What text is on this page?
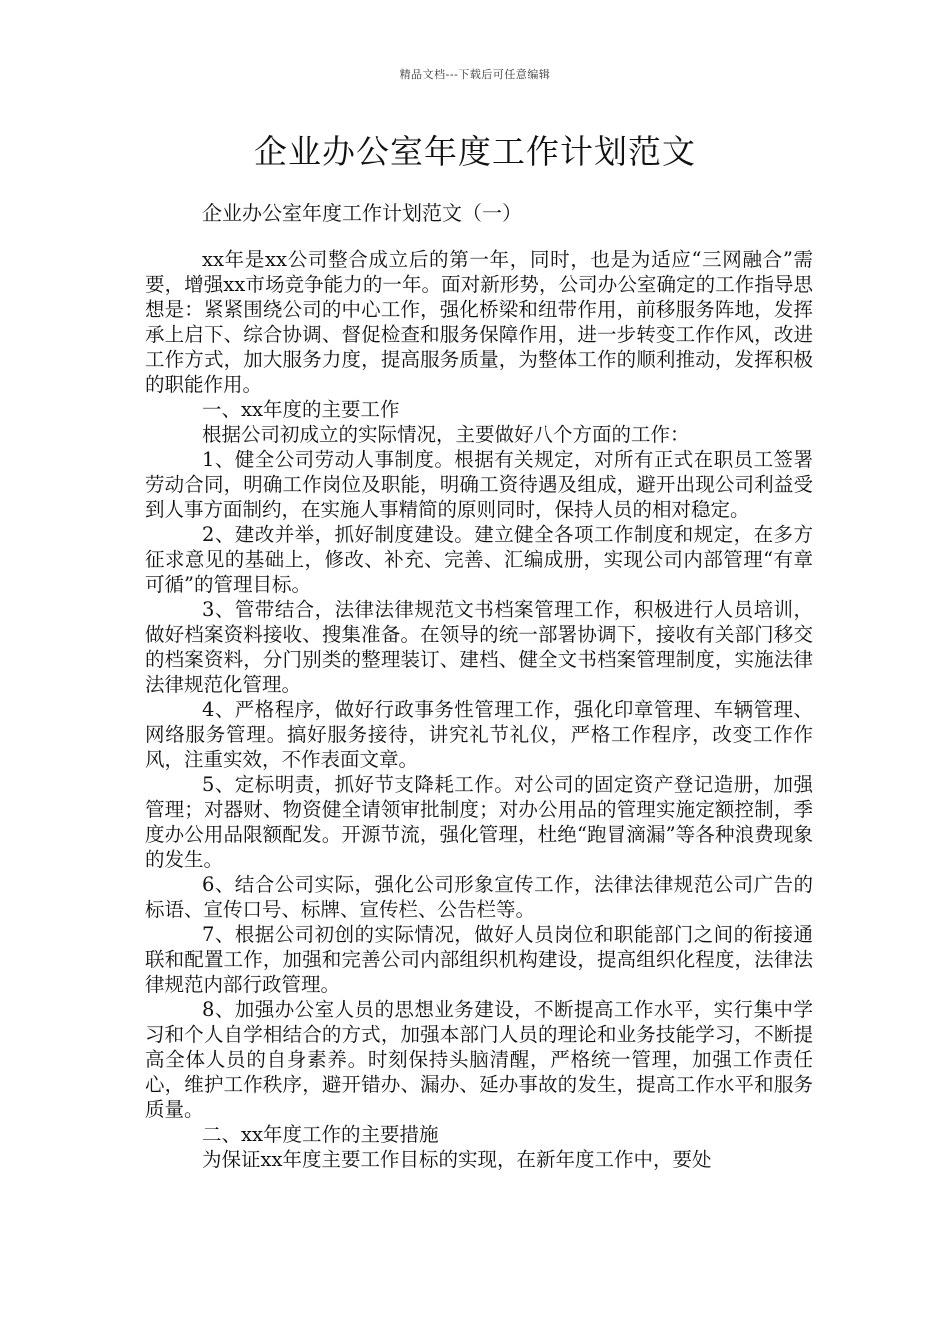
精品文档---下载后可任意编辑
企业办公室年度工作计划范文
企业办公室年度工作计划范文（一）

xx年是xx公司整合成立后的第一年，同时，也是为适应“三网融合”需要，增强xx市场竞争能力的一年。面对新形势，公司办公室确定的工作指导思想是：紧紧围绕公司的中心工作，强化桥梁和纽带作用，前移服务阵地，发挥承上启下、综合协调、督促检查和服务保障作用，进一步转变工作作风，改进工作方式，加大服务力度，提高服务质量，为整体工作的顺利推动，发挥积极的职能作用。

一、xx年度的主要工作

根据公司初成立的实际情况，主要做好八个方面的工作：

1、健全公司劳动人事制度。根据有关规定，对所有正式在职员工签署劳动合同，明确工作岗位及职能，明确工资待遇及组成，避开出现公司利益受到人事方面制约，在实施人事精简的原则同时，保持人员的相对稳定。

2、建改并举，抓好制度建设。建立健全各项工作制度和规定，在多方征求意见的基础上，修改、补充、完善、汇编成册，实现公司内部管理“有章可循”的管理目标。

3、管带结合，法律法律规范文书档案管理工作，积极进行人员培训，做好档案资料接收、搜集准备。在领导的统一部署协调下，接收有关部门移交的档案资料，分门别类的整理装订、建档、健全文书档案管理制度，实施法律法律规范化管理。

4、严格程序，做好行政事务性管理工作，强化印章管理、车辆管理、网络服务管理。搞好服务接待，讲究礼节礼仪，严格工作程序，改变工作作风，注重实效，不作表面文章。

5、定标明责，抓好节支降耗工作。对公司的固定资产登记造册，加强管理；对器财、物资健全请领审批制度；对办公用品的管理实施定额控制，季度办公用品限额配发。开源节流，强化管理，杜绝“跑冒滴漏”等各种浪费现象的发生。

6、结合公司实际，强化公司形象宣传工作，法律法律规范公司广告的标语、宣传口号、标牌、宣传栏、公告栏等。

7、根据公司初创的实际情况，做好人员岗位和职能部门之间的衔接通联和配置工作，加强和完善公司内部组织机构建设，提高组织化程度，法律法律规范内部行政管理。

8、加强办公室人员的思想业务建设，不断提高工作水平，实行集中学习和个人自学相结合的方式，加强本部门人员的理论和业务技能学习，不断提高全体人员的自身素养。时刻保持头脑清醒，严格统一管理，加强工作责任心，维护工作秩序，避开错办、漏办、延办事故的发生，提高工作水平和服务质量。

二、xx年度工作的主要措施

为保证xx年度主要工作目标的实现，在新年度工作中，要处
